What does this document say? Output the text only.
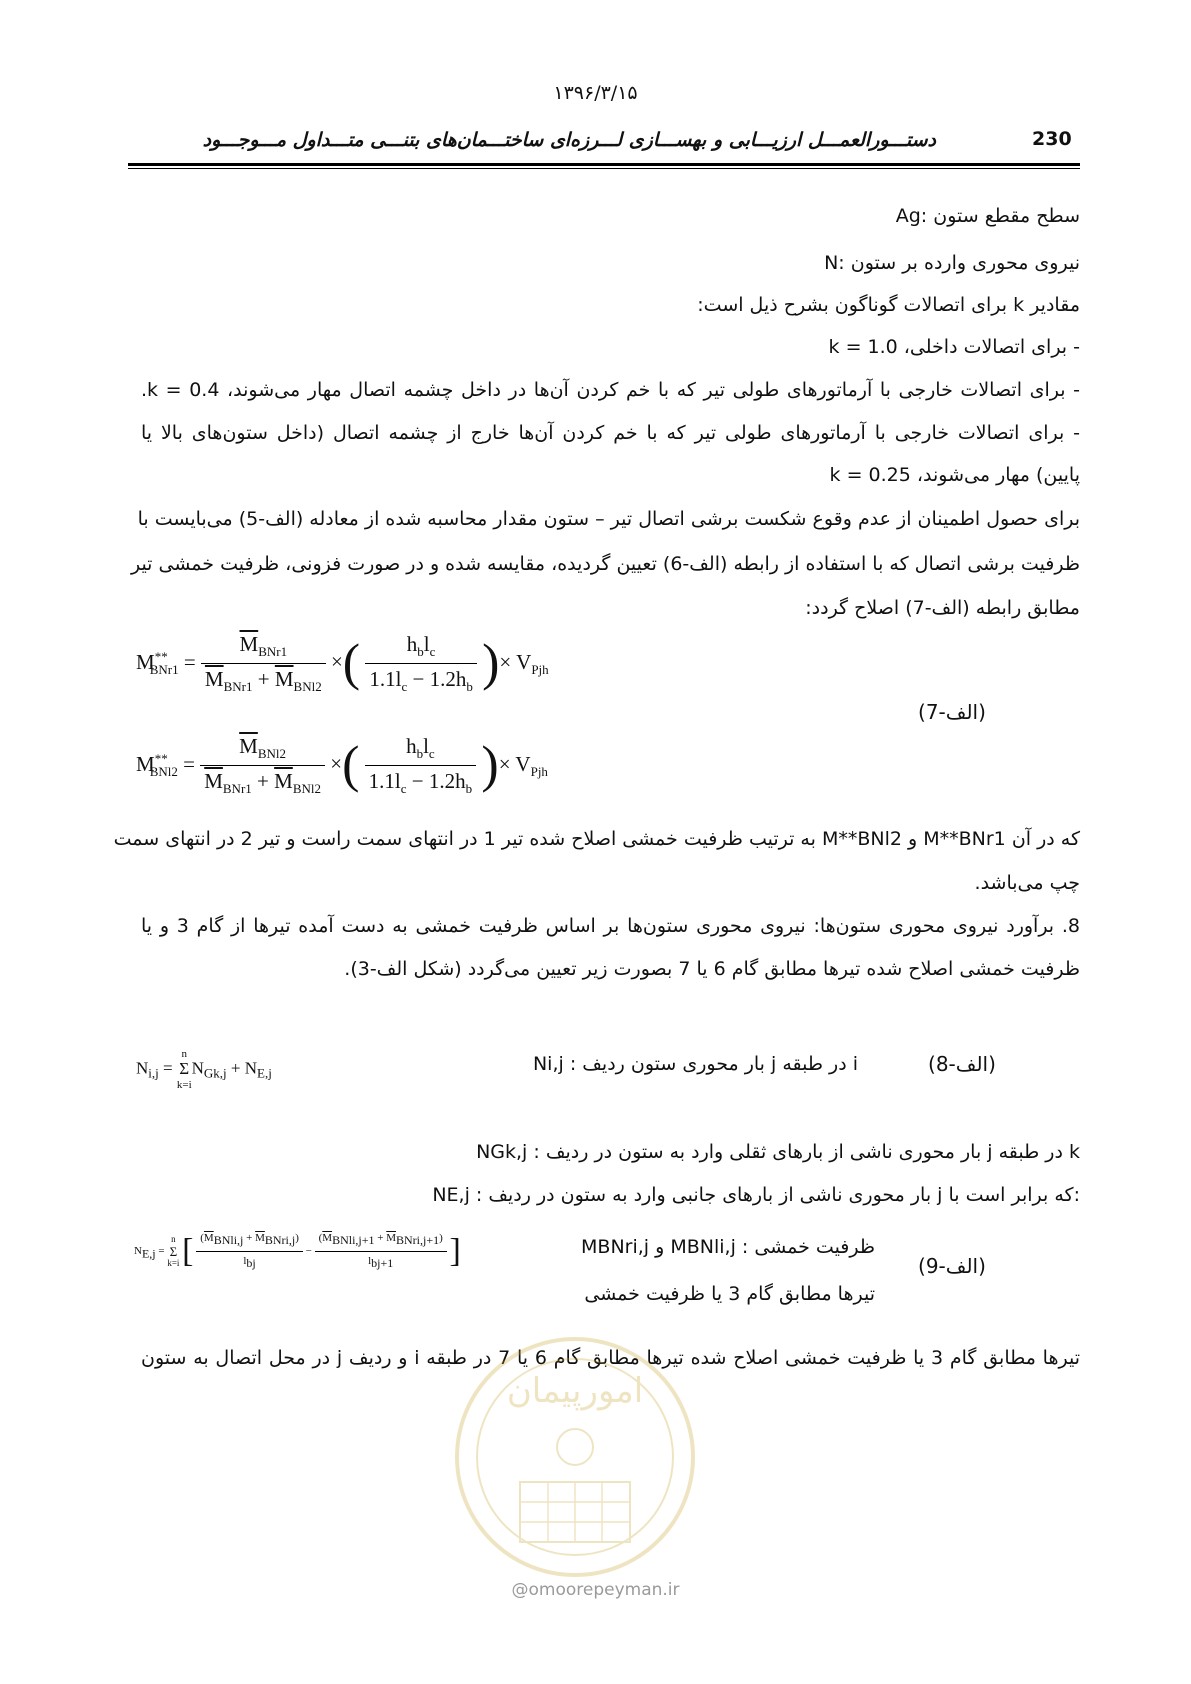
۱۳۹۶/۳/۱۵
230
دستـــورالعمـــل ارزیـــابی و بهســـازی لـــرزه‌ای ساختـــمان‌های بتنـــی متـــداول مـــوجـــود
Ag: سطح مقطع ستون
N: نیروی محوری وارده بر ستون
مقادیر k برای اتصالات گوناگون بشرح ذیل است:
- برای اتصالات داخلی، k = 1.0
- برای اتصالات خارجی با آرماتورهای طولی تیر که با خم کردن آن‌ها در داخل چشمه اتصال مهار می‌شوند، k = 0.4.
- برای اتصالات خارجی با آرماتورهای طولی تیر که با خم کردن آن‌ها خارج از چشمه اتصال (داخل ستون‌های بالا یا
پایین) مهار می‌شوند، k = 0.25
برای حصول اطمینان از عدم وقوع شکست برشی اتصال تیر – ستون مقدار محاسبه شده از معادله (الف-5) می‌بایست با
ظرفیت برشی اتصال که با استفاده از رابطه (الف-6) تعیین گردیده، مقایسه شده و در صورت فزونی، ظرفیت خمشی تیر
مطابق رابطه (الف-7) اصلاح گردد:
$M^{**}_{BNr1} = \frac{\overline{M}_{BNr1}}{\overline{M}_{BNr1} + \overline{M}_{BNl2}}$ ×( $\frac{h_bl_c}{1.1l_c - 1.2h_b}$ )× $V_{Pjh}$
(الف-7)
$M^{**}_{BNl2} = \frac{\overline{M}_{BNl2}}{\overline{M}_{BNr1} + \overline{M}_{BNl2}}$ ×( $\frac{h_bl_c}{1.1l_c - 1.2h_b}$ )× $V_{Pjh}$
که در آن M**BNr1 و M**BNl2 به ترتیب ظرفیت خمشی اصلاح شده تیر 1 در انتهای سمت راست و تیر 2 در انتهای سمت
چپ می‌باشد.
8. برآورد نیروی محوری ستون‌ها: نیروی محوری ستون‌ها بر اساس ظرفیت خمشی به دست آمده تیرها از گام 3 و یا
ظرفیت خمشی اصلاح شده تیرها مطابق گام 6 یا 7 بصورت زیر تعیین می‌گردد (شکل الف-3).
$N_{i,j} = n$
Σ
$k=iN_{Gk,j} + N_{E,j}$	Ni,j : بار محوری ستون ردیف j در طبقه i	(الف-8)
NGk,j : بار محوری ناشی از بارهای ثقلی وارد به ستون در ردیف j در طبقه k
NE,j : بار محوری ناشی از بارهای جانبی وارد به ستون در ردیف j که برابر است با:
$N_{E,j} = n$
Σ
k=i [ $\frac{(\overline{M}_{BNli,j} + \overline{M}_{BNri,j})}{l_{bj}} - \frac{(\overline{M}_{BNli,j+1} + \overline{M}_{BNri,j+1})}{l_{bj+1}}$ ]	MBNri,j و MBNli,j : ظرفیت خمشی
تیرها مطابق گام 3 یا ظرفیت خمشی
(الف-9)
تیرها مطابق گام 3 یا ظرفیت خمشی اصلاح شده تیرها مطابق گام 6 یا 7 در طبقه i و ردیف j در محل اتصال به ستون
امورپیمان
@omoorepeyman.ir
